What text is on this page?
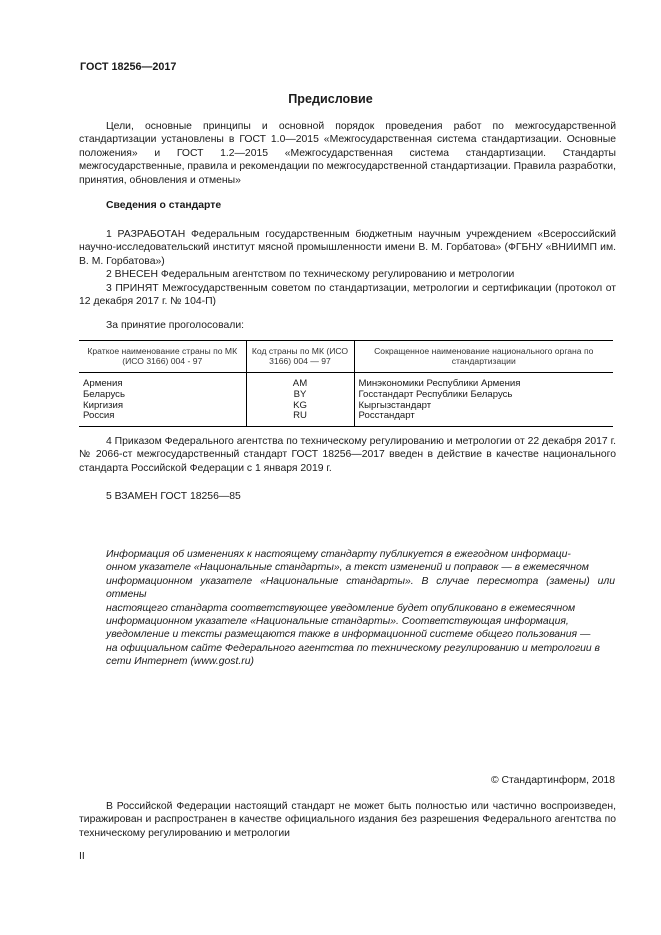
ГОСТ 18256—2017
Предисловие

Цели, основные принципы и основной порядок проведения работ по межгосударственной стандартизации установлены в ГОСТ 1.0—2015 «Межгосударственная система стандартизации. Основные положения» и ГОСТ 1.2—2015 «Межгосударственная система стандартизации. Стандарты межгосударственные, правила и рекомендации по межгосударственной стандартизации. Правила разработки, принятия, обновления и отмены»

Сведения о стандарте

1 РАЗРАБОТАН Федеральным государственным бюджетным научным учреждением «Всероссийский научно-исследовательский институт мясной промышленности имени В. М. Горбатова» (ФГБНУ «ВНИИМП им. В. М. Горбатова»)

2 ВНЕСЕН Федеральным агентством по техническому регулированию и метрологии

3 ПРИНЯТ Межгосударственным советом по стандартизации, метрологии и сертификации (протокол от 12 декабря 2017 г. № 104-П)

За принятие проголосовали:
Краткое наименование страны по МК (ИСО 3166) 004 - 97	Код страны по МК (ИСО 3166) 004 — 97	Сокращенное наименование национального органа по стандартизации
Армения	AM	Минэкономики Республики Армения
Беларусь	BY	Госстандарт Республики Беларусь
Киргизия	KG	Кыргызстандарт
Россия	RU	Росстандарт

4 Приказом Федерального агентства по техническому регулированию и метрологии от 22 декабря 2017 г. № 2066-ст межгосударственный стандарт ГОСТ 18256—2017 введен в действие в качестве национального стандарта Российской Федерации с 1 января 2019 г.

5 ВЗАМЕН ГОСТ 18256—85
Информация об изменениях к настоящему стандарту публикуется в ежегодном информаци-
онном указателе «Национальные стандарты», а текст изменений и поправок — в ежемесячном
информационном указателе «Национальные стандарты». В случае пересмотра (замены) или отмены
настоящего стандарта соответствующее уведомление будет опубликовано в ежемесячном
информационном указателе «Национальные стандарты». Соответствующая информация,
уведомление и тексты размещаются также в информационной системе общего пользования —
на официальном сайте Федерального агентства по техническому регулированию и метрологии в
сети Интернет (www.gost.ru)
© Стандартинформ, 2018

В Российской Федерации настоящий стандарт не может быть полностью или частично воспроизведен, тиражирован и распространен в качестве официального издания без разрешения Федерального агентства по техническому регулированию и метрологии

II
